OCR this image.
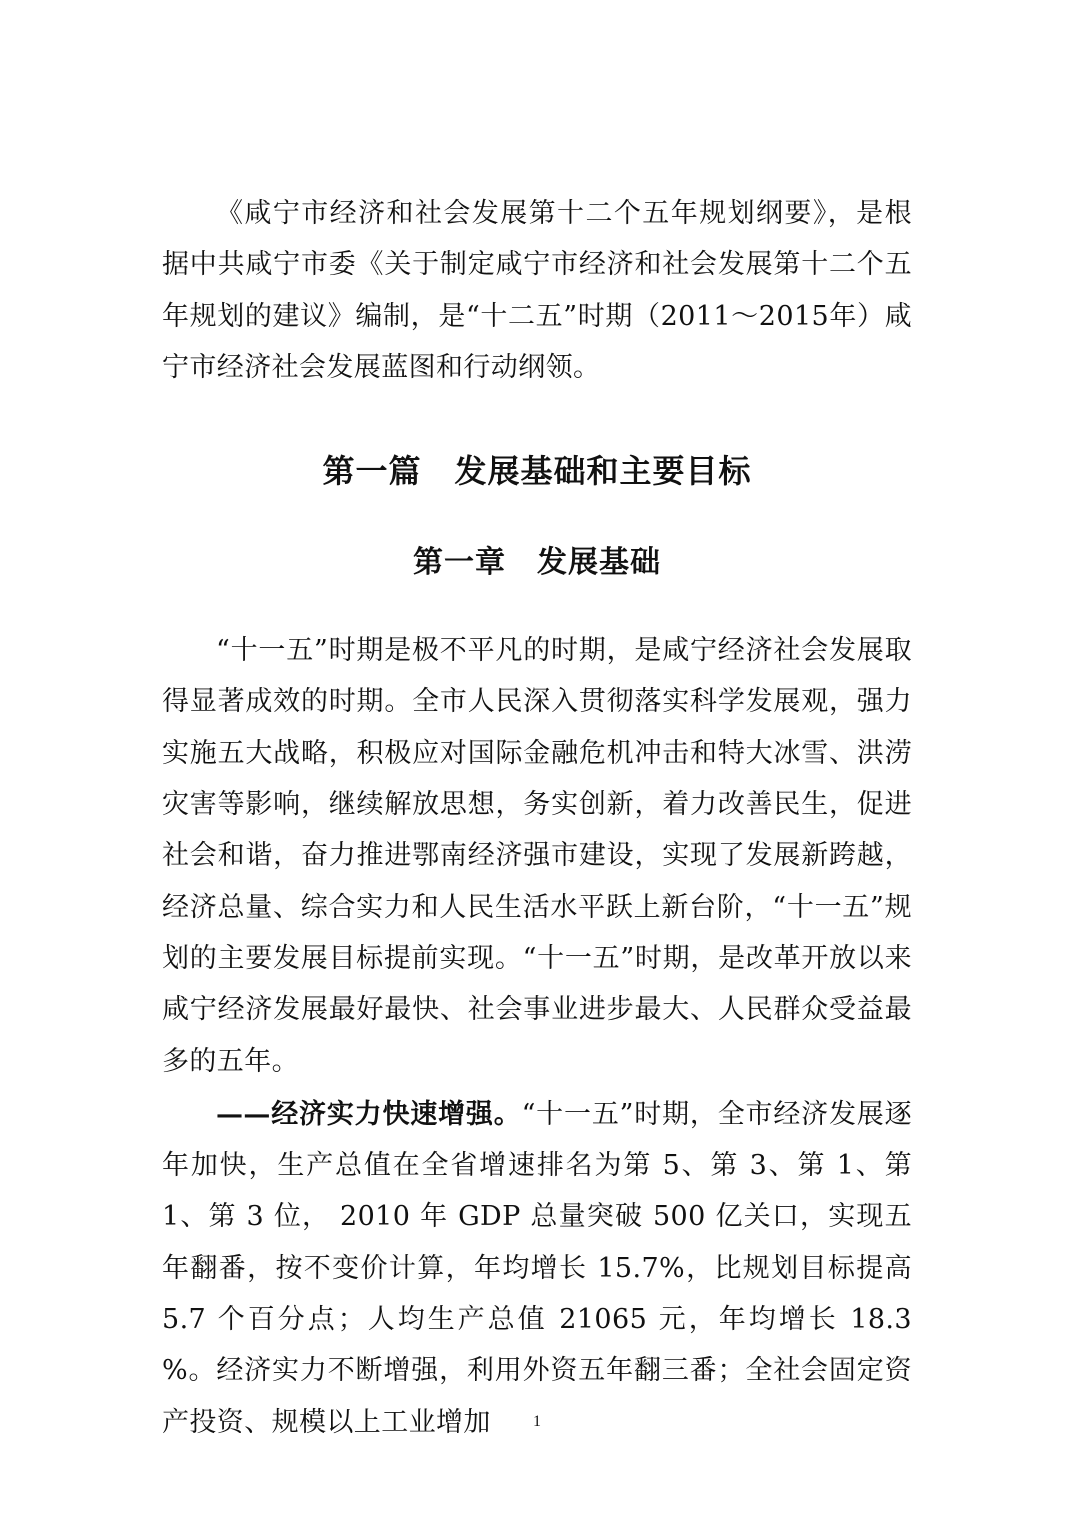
《咸宁市经济和社会发展第十二个五年规划纲要》，是根据中共咸宁市委《关于制定咸宁市经济和社会发展第十二个五年规划的建议》编制，是“十二五”时期（2011～2015年）咸宁市经济社会发展蓝图和行动纲领。

第一篇　发展基础和主要目标
第一章　发展基础

“十一五”时期是极不平凡的时期，是咸宁经济社会发展取得显著成效的时期。全市人民深入贯彻落实科学发展观，强力实施五大战略，积极应对国际金融危机冲击和特大冰雪、洪涝灾害等影响，继续解放思想，务实创新，着力改善民生，促进社会和谐，奋力推进鄂南经济强市建设，实现了发展新跨越，经济总量、综合实力和人民生活水平跃上新台阶，“十一五”规划的主要发展目标提前实现。“十一五”时期，是改革开放以来咸宁经济发展最好最快、社会事业进步最大、人民群众受益最多的五年。

——经济实力快速增强。“十一五”时期，全市经济发展逐年加快，生产总值在全省增速排名为第 5、第 3、第 1、第 1、第 3 位， 2010 年 GDP 总量突破 500 亿关口，实现五年翻番，按不变价计算，年均增长 15.7%，比规划目标提高 5.7 个百分点；人均生产总值 21065 元，年均增长 18.3 %。经济实力不断增强，利用外资五年翻三番；全社会固定资产投资、规模以上工业增加	1
